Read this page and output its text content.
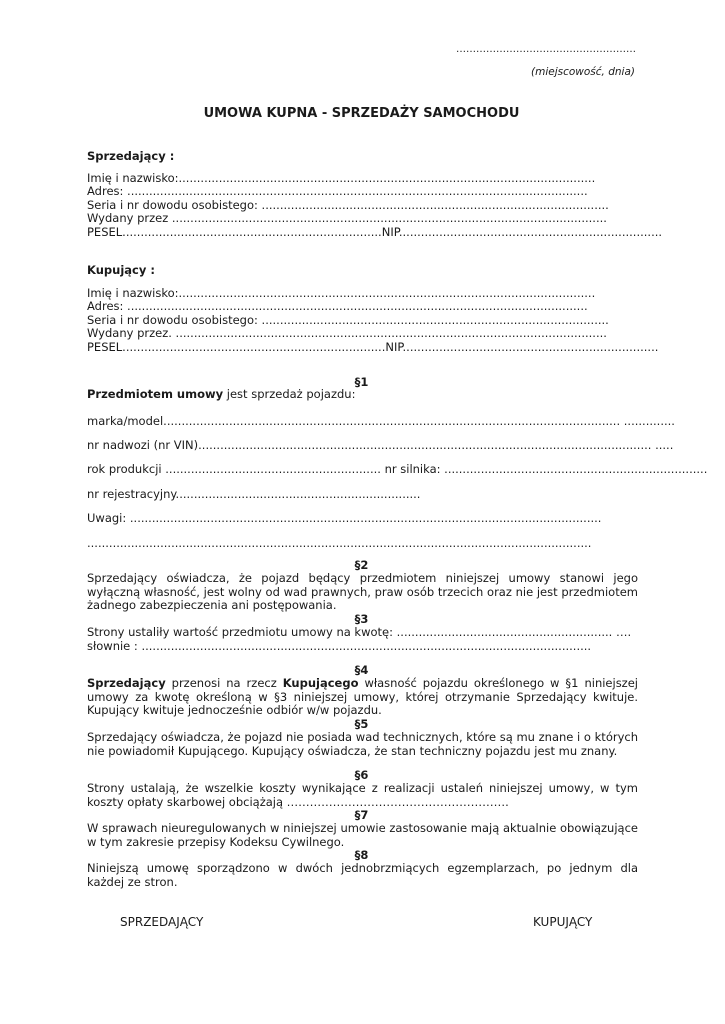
………………………………………………
(miejscowość, dnia)
UMOWA KUPNA - SPRZEDAŻY SAMOCHODU
Sprzedający :
Imię i nazwisko:..................................................................................................................
Adres: ..............................................................................................................................
Seria i nr dowodu osobistego: ...............................................................................................
Wydany przez .......................................................................................................................
PESEL.......................................................................NIP........................................................................
Kupujący :
Imię i nazwisko:..................................................................................................................
Adres: ..............................................................................................................................
Seria i nr dowodu osobistego: ...............................................................................................
Wydany przez. ......................................................................................................................
PESEL........................................................................NIP......................................................................
§1
Przedmiotem umowy jest sprzedaż pojazdu:
marka/model............................................................................................................................. ..............
nr nadwozi (nr VIN)............................................................................................................................ .....
rok produkcji ........................................................... nr silnika: ........................................................................
nr rejestracyjny...................................................................
Uwagi: .................................................................................................................................
..........................................................................................................................................
§2
Sprzedający oświadcza, że pojazd będący przedmiotem niniejszej umowy stanowi jego wyłączną własność, jest wolny od wad prawnych, praw osób trzecich oraz nie jest przedmiotem żadnego zabezpieczenia ani postępowania.
§3
Strony ustaliły wartość przedmiotu umowy na kwotę: ........................................................... ….
słownie : ...........................................................................................................................
§4
Sprzedający przenosi na rzecz Kupującego własność pojazdu określonego w §1 niniejszej umowy za kwotę określoną w §3 niniejszej umowy, której otrzymanie Sprzedający kwituje. Kupujący kwituje jednocześnie odbiór w/w pojazdu.
§5
Sprzedający oświadcza, że pojazd nie posiada wad technicznych, które są mu znane i o których nie powiadomił Kupującego. Kupujący oświadcza, że stan techniczny pojazdu jest mu znany.
§6
Strony ustalają, że wszelkie koszty wynikające z realizacji ustaleń niniejszej umowy, w tym koszty opłaty skarbowej obciążają ………………………………………………….
§7
W sprawach nieuregulowanych w niniejszej umowie zastosowanie mają aktualnie obowiązujące w tym zakresie przepisy Kodeksu Cywilnego.
§8
Niniejszą umowę sporządzono w dwóch jednobrzmiących egzemplarzach, po jednym dla każdej ze stron.
SPRZEDAJĄCY	KUPUJĄCY
